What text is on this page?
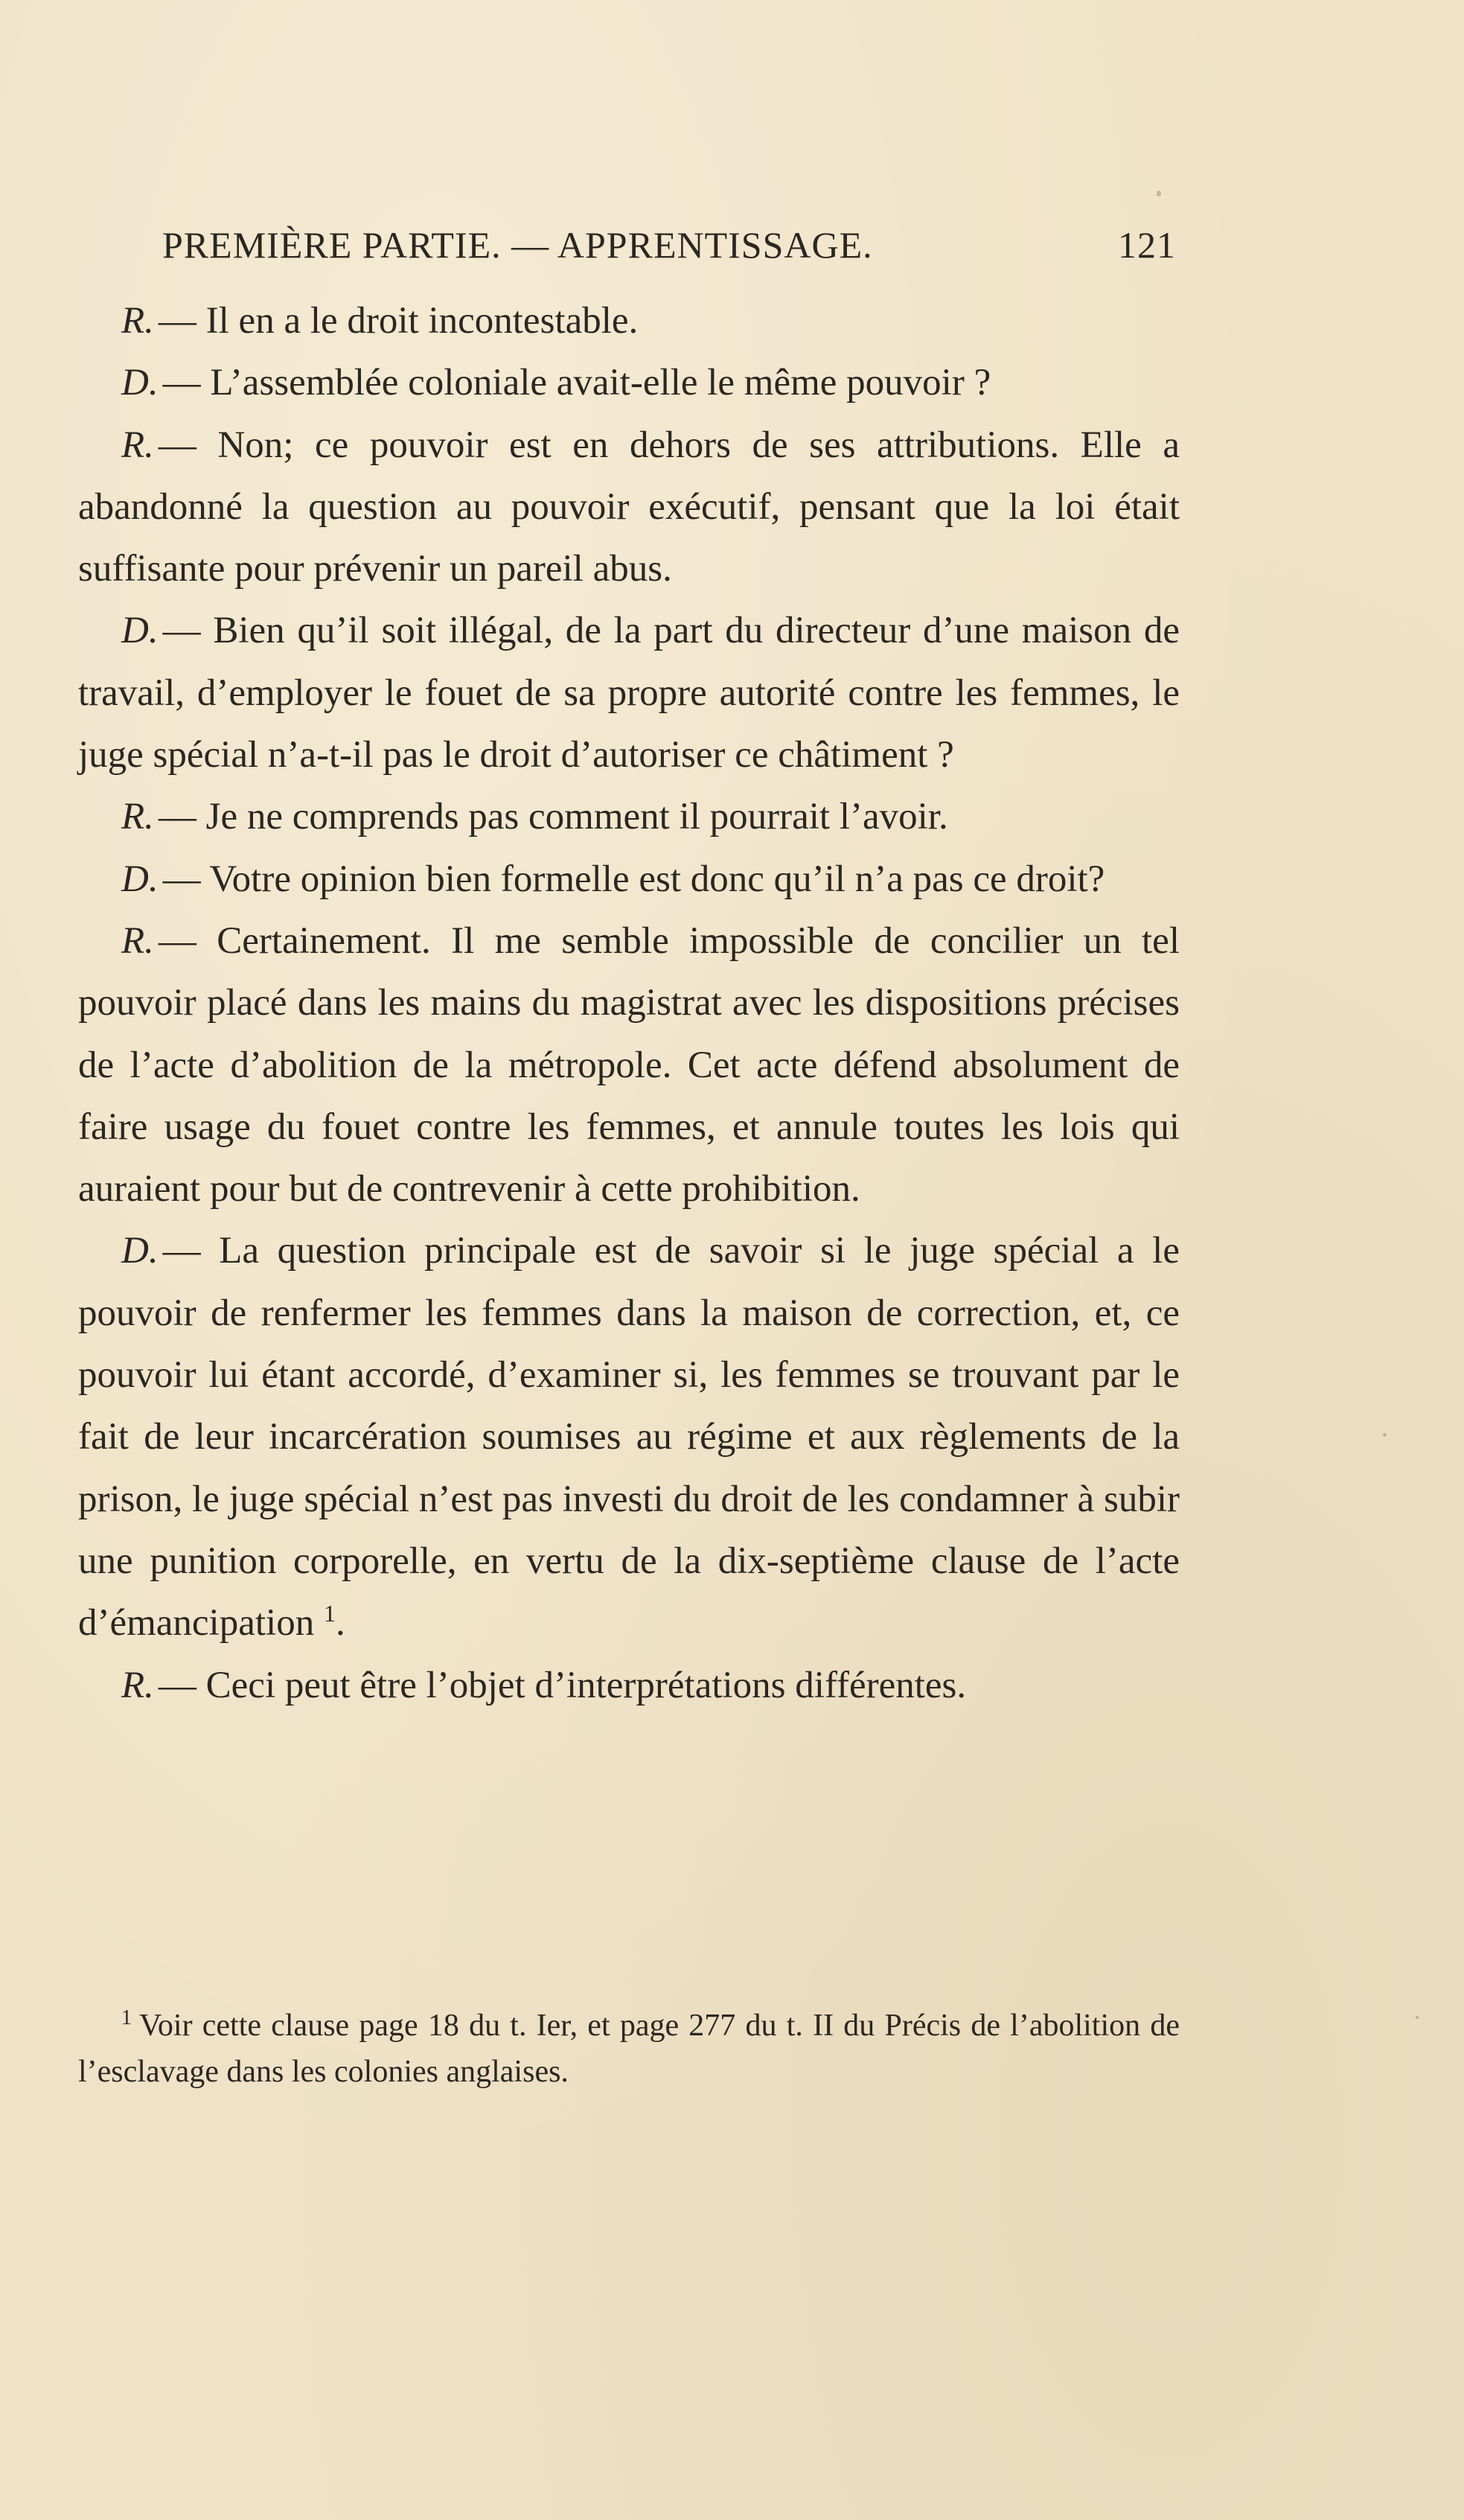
PREMIÈRE PARTIE. — APPRENTISSAGE.	121

R. — Il en a le droit incontestable.

D. — L’assemblée coloniale avait-elle le même pouvoir ?

R. — Non; ce pouvoir est en dehors de ses attributions. Elle a abandonné la question au pouvoir exécutif, pensant que la loi était suffisante pour prévenir un pareil abus.

D. — Bien qu’il soit illégal, de la part du directeur d’une maison de travail, d’employer le fouet de sa propre autorité contre les femmes, le juge spécial n’a-t-il pas le droit d’autoriser ce châtiment ?

R. — Je ne comprends pas comment il pourrait l’avoir.

D. — Votre opinion bien formelle est donc qu’il n’a pas ce droit?

R. — Certainement. Il me semble impossible de concilier un tel pouvoir placé dans les mains du magistrat avec les dispositions précises de l’acte d’abolition de la métropole. Cet acte défend absolument de faire usage du fouet contre les femmes, et annule toutes les lois qui auraient pour but de contrevenir à cette prohibition.

D. — La question principale est de savoir si le juge spécial a le pouvoir de renfermer les femmes dans la maison de correction, et, ce pouvoir lui étant accordé, d’examiner si, les femmes se trouvant par le fait de leur incarcération soumises au régime et aux règlements de la prison, le juge spécial n’est pas investi du droit de les condamner à subir une punition corporelle, en vertu de la dix-septième clause de l’acte d’émancipation $^1$.

R. — Ceci peut être l’objet d’interprétations différentes.

$^1$ Voir cette clause page 18 du t. Ier, et page 277 du t. II du Précis de l’abolition de l’esclavage dans les colonies anglaises.
